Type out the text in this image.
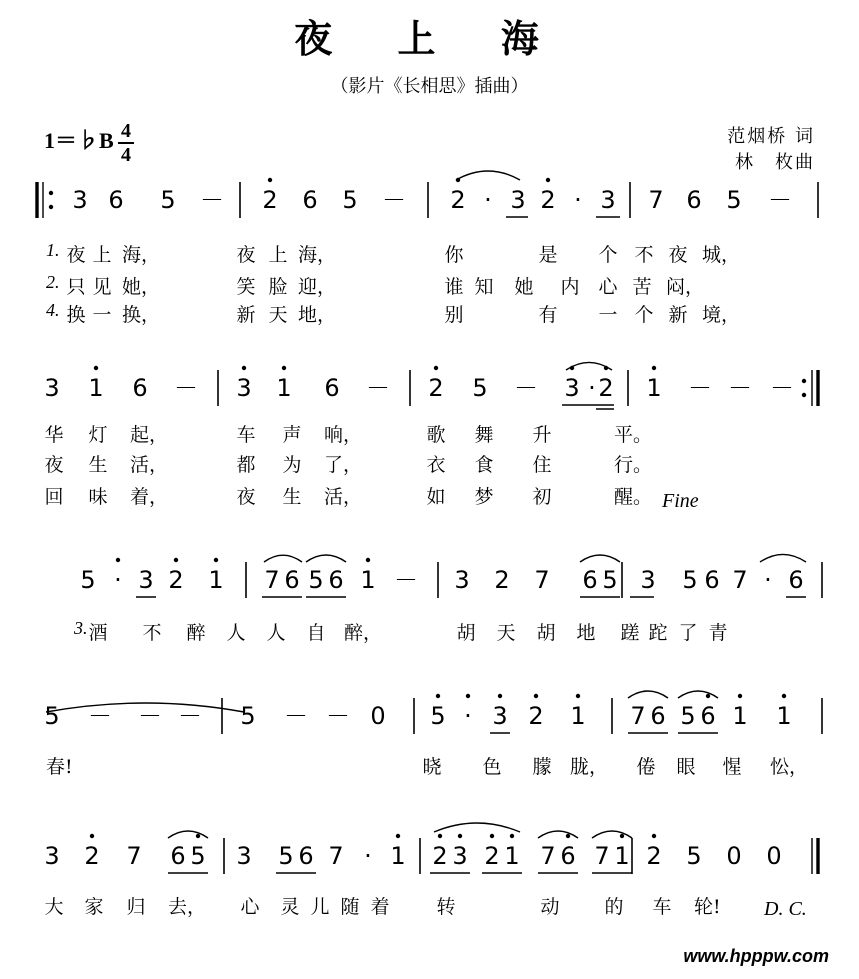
夜 上 海
（影片《长相思》插曲）
1＝♭B 4
4
范烟桥 词
林　枚曲
3 6 5 － 2 6 5 － 2 · 3 2 · 3 7 6 5 －
夜 上 海，	夜 上 海，	你	是 个 不 夜 城，
只 见 她，	笑 脸 迎，	谁 知 她 内 心 苦 闷，
换 一 换，	新 天 地，	别	有 一 个 新 境，
3 1 6 － 3 1 6 － 2 5 － 3 · 2 1 － － －
华 灯 起，	车 声 响，	歌 舞 升	平。
夜 生 活，	都 为 了，	衣 食 住	行。
回 味 着，	夜 生 活，	如 梦 初	醒。
5 · 3 2 1 7 6 5 6 1 － 3 2 7 6 5 3 5 6 7 · 6
酒 不 醉 人 人 自 醉，	胡 天 胡 地 蹉 跎 了 青
5 － － － 5 － － 0 5 · 3 2 1 7 6 5 6 1 1
春!	晓 色 朦 胧， 倦 眼 惺 忪，
3 2 7 6 5 3 5 6 7 · 1 2 3 2 1 7 6 7 1 2 5 0 0
大 家 归 去， 心 灵 儿 随 着 转	动 的 车 轮!
1.
2.
4.
3.
Fine
D. C.
www.hpppw.com
